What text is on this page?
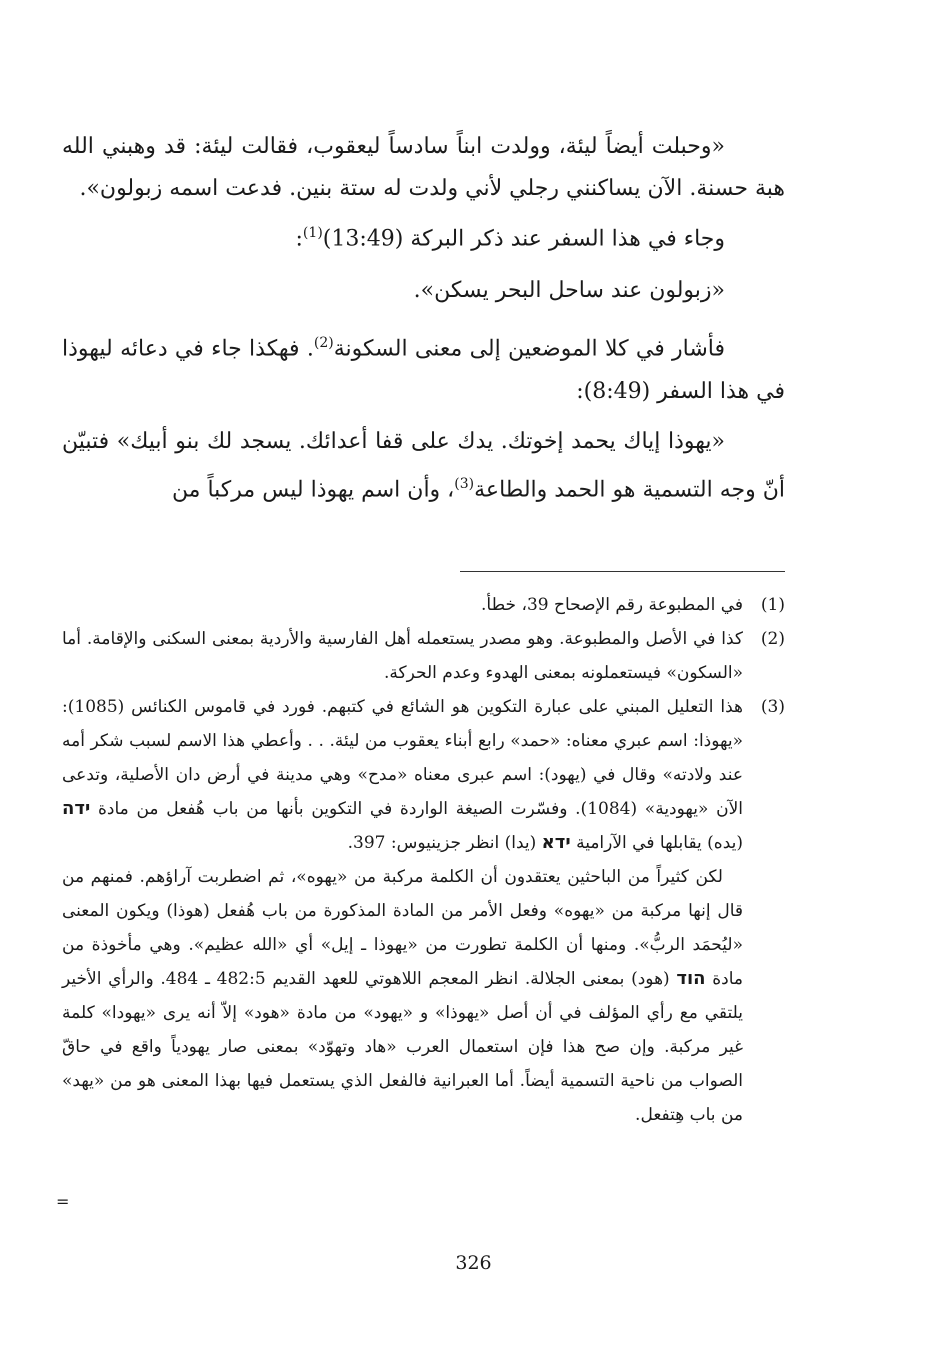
«وحبلت أيضاً ليئة، وولدت ابناً سادساً ليعقوب، فقالت ليئة: قد وهبني الله هبة حسنة. الآن يساكنني رجلي لأني ولدت له ستة بنين. فدعت اسمه زبولون».

وجاء في هذا السفر عند ذكر البركة (13:49)$^{(1)}$:

«زبولون عند ساحل البحر يسكن».

فأشار في كلا الموضعين إلى معنى السكونة$^{(2)}$. فهكذا جاء في دعائه ليهوذا في هذا السفر (8:49):

«يهوذا إياك يحمد إخوتك. يدك على قفا أعدائك. يسجد لك بنو أبيك» فتبيّن أنّ وجه التسمية هو الحمد والطاعة$^{(3)}$، وأن اسم يهوذا ليس مركباً من

(1)
في المطبوعة رقم الإصحاح 39، خطأ.

(2)
كذا في الأصل والمطبوعة. وهو مصدر يستعمله أهل الفارسية والأردية بمعنى السكنى والإقامة. أما «السكون» فيستعملونه بمعنى الهدوء وعدم الحركة.

(3)
هذا التعليل المبني على عبارة التكوين هو الشائع في كتبهم. فورد في قاموس الكنائس (1085): «يهوذا: اسم عبري معناه: «حمد» رابع أبناء يعقوب من ليئة. . . وأعطي هذا الاسم لسبب شكر أمه عند ولادته» وقال في (يهود): اسم عبرى معناه «مدح» وهي مدينة في أرض دان الأصلية، وتدعى الآن «يهودية» (1084). وفسّرت الصيغة الواردة في التكوين بأنها من باب هُفعل من مادة ידה (يده) يقابلها في الآرامية ידא (يدا) انظر جزينيوس: 397.

لكن كثيراً من الباحثين يعتقدون أن الكلمة مركبة من «يهوه»، ثم اضطربت آراؤهم. فمنهم من قال إنها مركبة من «يهوه» وفعل الأمر من المادة المذكورة من باب هُفعل (هوذا) ويكون المعنى «ليُحمَد الربُّ». ومنها أن الكلمة تطورت من «يهوذا ـ إيل» أي «الله عظيم». وهي مأخوذة من مادة הוד (هود) بمعنى الجلالة. انظر المعجم اللاهوتي للعهد القديم 482:5 ـ 484. والرأي الأخير يلتقي مع رأي المؤلف في أن أصل «يهوذا» و «يهود» من مادة «هود» إلاّ أنه يرى «يهودا» كلمة غير مركبة. وإن صح هذا فإن استعمال العرب «هاد وتهوّد» بمعنى صار يهودياً واقع في حاقّ الصواب من ناحية التسمية أيضاً. أما العبرانية فالفعل الذي يستعمل فيها بهذا المعنى هو من «يهد» من باب هِتفعل.

=
326
